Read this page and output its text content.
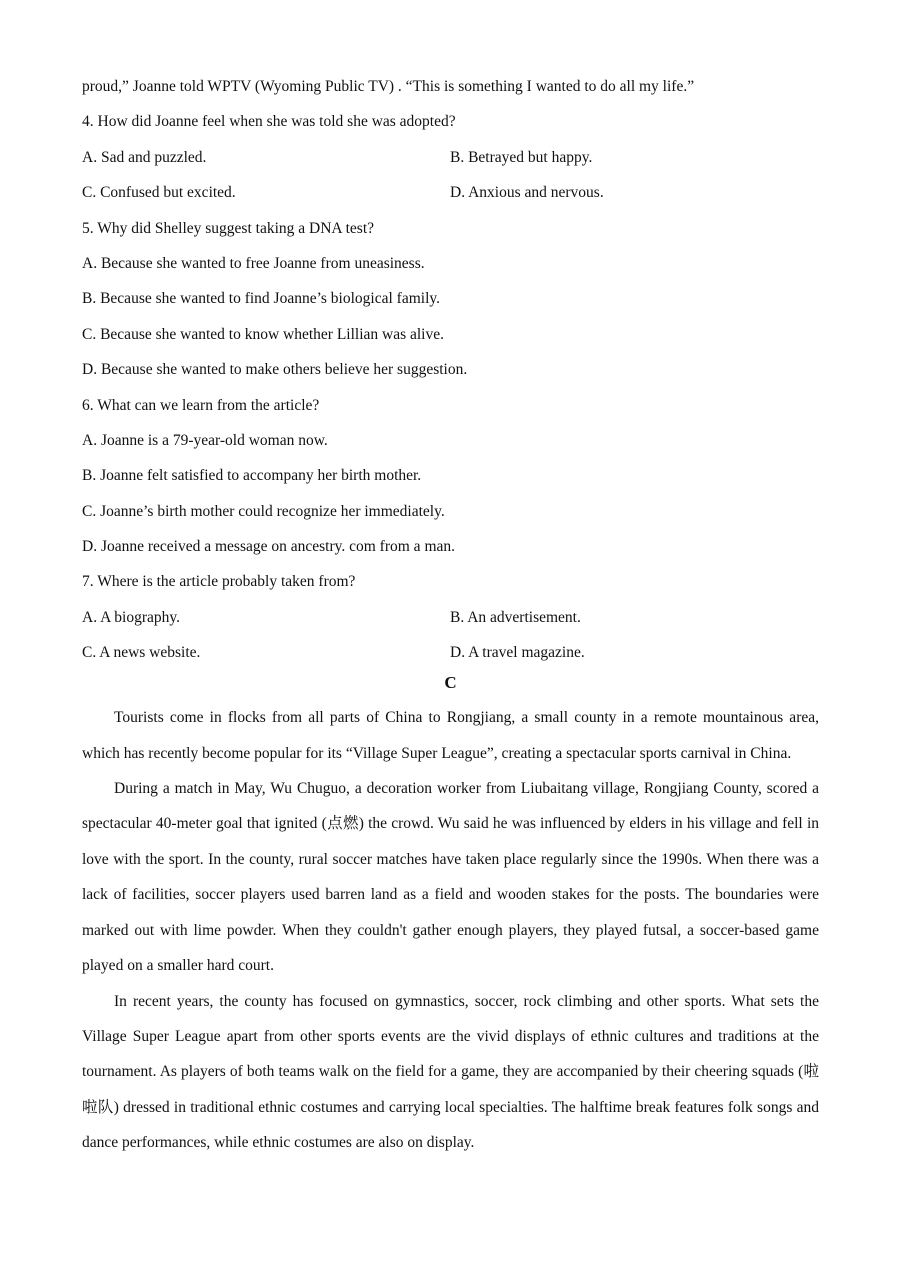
proud,” Joanne told WPTV (Wyoming Public TV) . “This is something I wanted to do all my life.”
4. How did Joanne feel when she was told she was adopted?
A. Sad and puzzled.	B. Betrayed but happy.
C. Confused but excited.	D. Anxious and nervous.
5. Why did Shelley suggest taking a DNA test?
A. Because she wanted to free Joanne from uneasiness.
B. Because she wanted to find Joanne’s biological family.
C. Because she wanted to know whether Lillian was alive.
D. Because she wanted to make others believe her suggestion.
6. What can we learn from the article?
A. Joanne is a 79-year-old woman now.
B. Joanne felt satisfied to accompany her birth mother.
C. Joanne’s birth mother could recognize her immediately.
D. Joanne received a message on ancestry. com from a man.
7. Where is the article probably taken from?
A. A biography.	B. An advertisement.
C. A news website.	D. A travel magazine.
C

Tourists come in flocks from all parts of China to Rongjiang, a small county in a remote mountainous area, which has recently become popular for its “Village Super League”, creating a spectacular sports carnival in China.

During a match in May, Wu Chuguo, a decoration worker from Liubaitang village, Rongjiang County, scored a spectacular 40-meter goal that ignited (点燃) the crowd. Wu said he was influenced by elders in his village and fell in love with the sport. In the county, rural soccer matches have taken place regularly since the 1990s. When there was a lack of facilities, soccer players used barren land as a field and wooden stakes for the posts. The boundaries were marked out with lime powder. When they couldn't gather enough players, they played futsal, a soccer-based game played on a smaller hard court.

In recent years, the county has focused on gymnastics, soccer, rock climbing and other sports. What sets the Village Super League apart from other sports events are the vivid displays of ethnic cultures and traditions at the tournament. As players of both teams walk on the field for a game, they are accompanied by their cheering squads (啦啦队) dressed in traditional ethnic costumes and carrying local specialties. The halftime break features folk songs and dance performances, while ethnic costumes are also on display.
